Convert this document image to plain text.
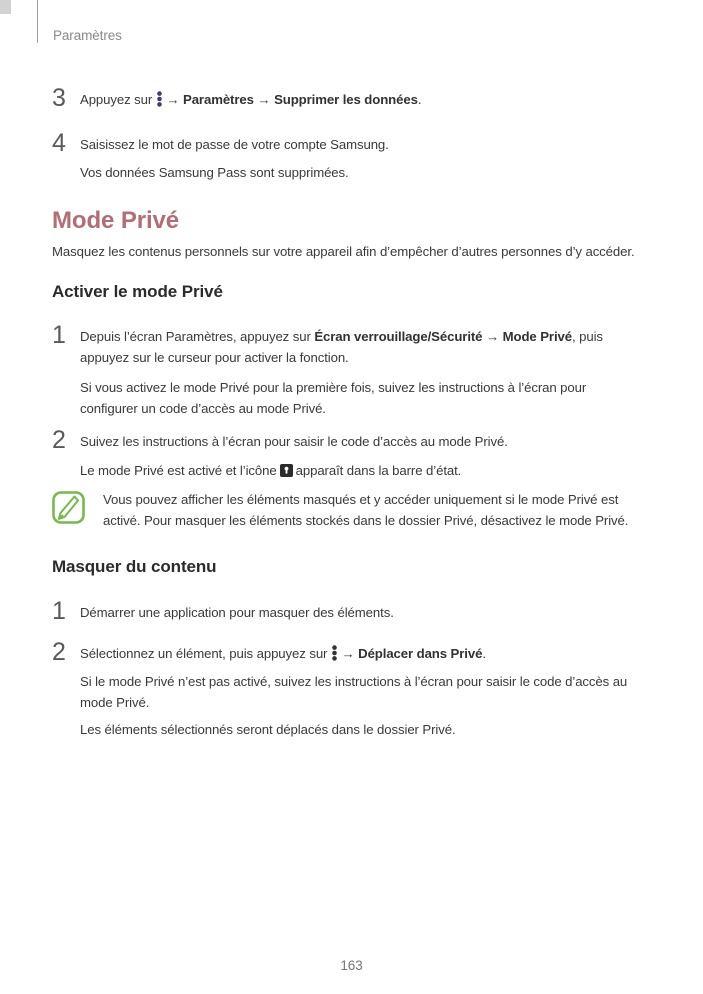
Paramètres
3	Appuyez sur  → Paramètres → Supprimer les données.
4	Saisissez le mot de passe de votre compte Samsung.
Vos données Samsung Pass sont supprimées.
Mode Privé
Masquez les contenus personnels sur votre appareil afin d’empêcher d’autres personnes d’y accéder.
Activer le mode Privé
1	Depuis l’écran Paramètres, appuyez sur Écran verrouillage/Sécurité → Mode Privé, puis
appuyez sur le curseur pour activer la fonction.
Si vous activez le mode Privé pour la première fois, suivez les instructions à l’écran pour
configurer un code d’accès au mode Privé.
2	Suivez les instructions à l’écran pour saisir le code d’accès au mode Privé.
Le mode Privé est activé et l’icône apparaît dans la barre d’état.
Vous pouvez afficher les éléments masqués et y accéder uniquement si le mode Privé est
activé. Pour masquer les éléments stockés dans le dossier Privé, désactivez le mode Privé.
Masquer du contenu
1	Démarrer une application pour masquer des éléments.
2	Sélectionnez un élément, puis appuyez sur  → Déplacer dans Privé.
Si le mode Privé n’est pas activé, suivez les instructions à l’écran pour saisir le code d’accès au
mode Privé.
Les éléments sélectionnés seront déplacés dans le dossier Privé.
163
